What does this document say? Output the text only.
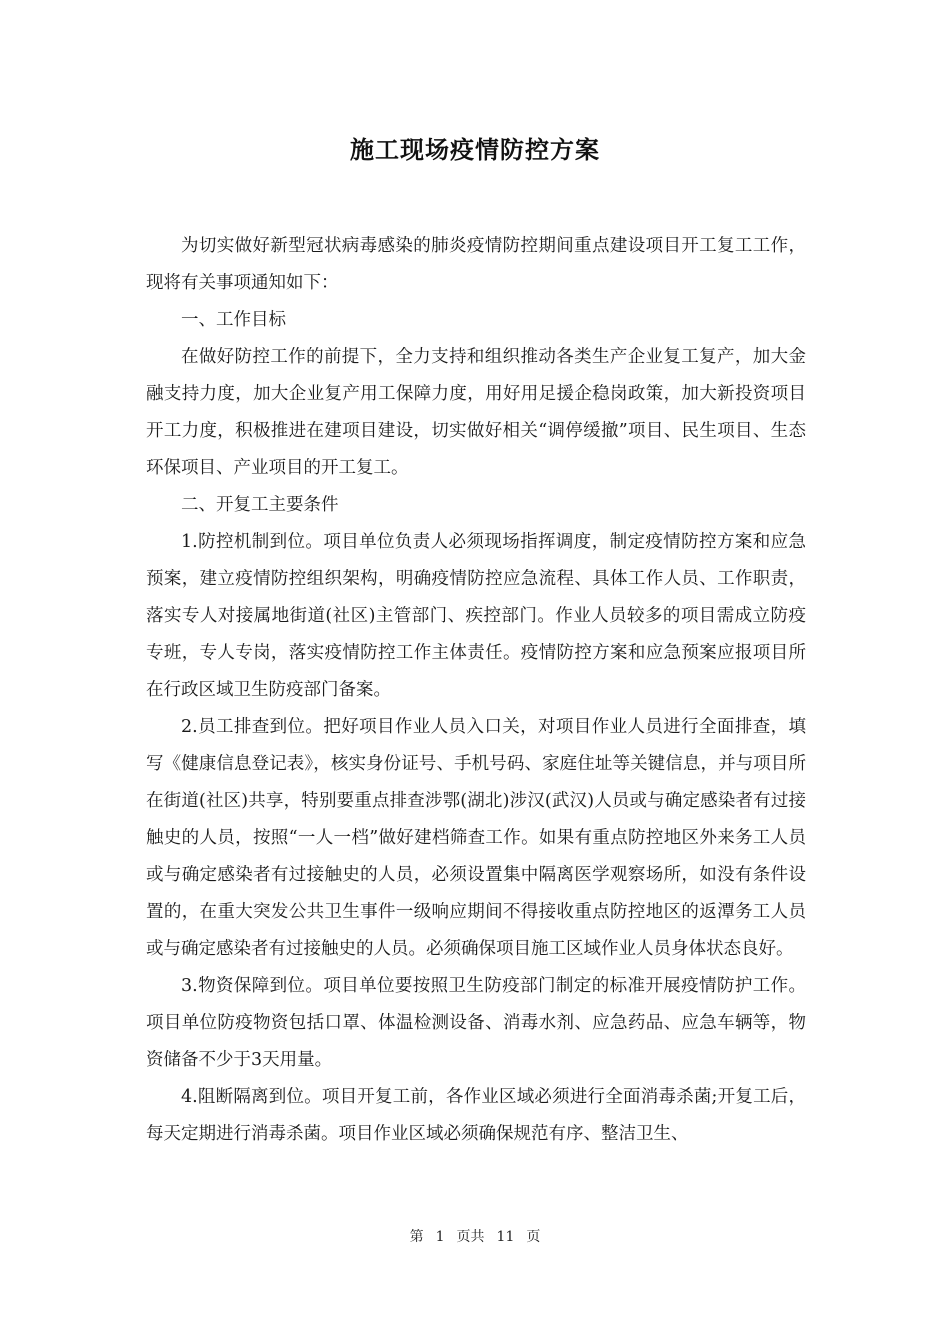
施工现场疫情防控方案

为切实做好新型冠状病毒感染的肺炎疫情防控期间重点建设项目开工复工工作，现将有关事项通知如下：

一、工作目标

在做好防控工作的前提下，全力支持和组织推动各类生产企业复工复产，加大金融支持力度，加大企业复产用工保障力度，用好用足援企稳岗政策，加大新投资项目开工力度，积极推进在建项目建设，切实做好相关“调停缓撤”项目、民生项目、生态环保项目、产业项目的开工复工。

二、开复工主要条件

1.防控机制到位。项目单位负责人必须现场指挥调度，制定疫情防控方案和应急预案，建立疫情防控组织架构，明确疫情防控应急流程、具体工作人员、工作职责，落实专人对接属地街道(社区)主管部门、疾控部门。作业人员较多的项目需成立防疫专班，专人专岗，落实疫情防控工作主体责任。疫情防控方案和应急预案应报项目所在行政区域卫生防疫部门备案。

2.员工排查到位。把好项目作业人员入口关，对项目作业人员进行全面排查，填写《健康信息登记表》，核实身份证号、手机号码、家庭住址等关键信息，并与项目所在街道(社区)共享，特别要重点排查涉鄂(湖北)涉汉(武汉)人员或与确定感染者有过接触史的人员，按照“一人一档”做好建档筛查工作。如果有重点防控地区外来务工人员或与确定感染者有过接触史的人员，必须设置集中隔离医学观察场所，如没有条件设置的，在重大突发公共卫生事件一级响应期间不得接收重点防控地区的返潭务工人员或与确定感染者有过接触史的人员。必须确保项目施工区域作业人员身体状态良好。

3.物资保障到位。项目单位要按照卫生防疫部门制定的标准开展疫情防护工作。项目单位防疫物资包括口罩、体温检测设备、消毒水剂、应急药品、应急车辆等，物资储备不少于3天用量。

4.阻断隔离到位。项目开复工前，各作业区域必须进行全面消毒杀菌;开复工后，每天定期进行消毒杀菌。项目作业区域必须确保规范有序、整洁卫生、

第 1 页共 11 页
